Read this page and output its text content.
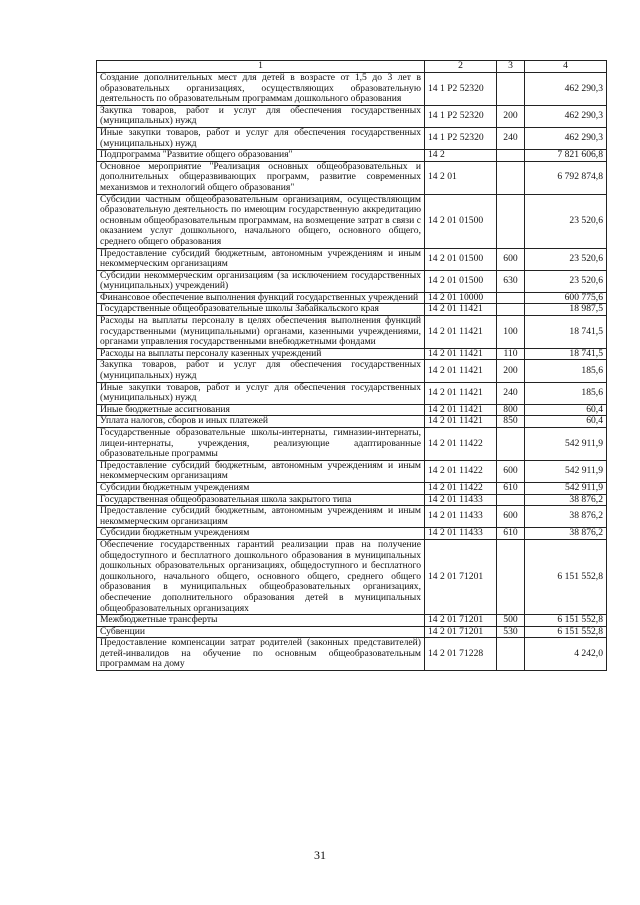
1	2	3	4
Создание дополнительных мест для детей в возрасте от 1,5 до 3 лет в образовательных организациях, осуществляющих образовательную деятельность по образовательным программам дошкольного образования	14 1 P2 52320		462 290,3
Закупка товаров, работ и услуг для обеспечения государственных (муниципальных) нужд	14 1 P2 52320	200	462 290,3
Иные закупки товаров, работ и услуг для обеспечения государственных (муниципальных) нужд	14 1 P2 52320	240	462 290,3
Подпрограмма "Развитие общего образования"	14 2		7 821 606,8
Основное мероприятие "Реализация основных общеобразовательных и дополнительных общеразвивающих программ, развитие современных механизмов и технологий общего образования"	14 2 01		6 792 874,8
Субсидии частным общеобразовательным организациям, осуществляющим образовательную деятельность по имеющим государственную аккредитацию основным общеобразовательным программам, на возмещение затрат в связи с оказанием услуг дошкольного, начального общего, основного общего, среднего общего образования	14 2 01 01500		23 520,6
Предоставление субсидий бюджетным, автономным учреждениям и иным некоммерческим организациям	14 2 01 01500	600	23 520,6
Субсидии некоммерческим организациям (за исключением государственных (муниципальных) учреждений)	14 2 01 01500	630	23 520,6
Финансовое обеспечение выполнения функций государственных учреждений	14 2 01 10000		600 775,6
Государственные общеобразовательные школы Забайкальского края	14 2 01 11421		18 987,5
Расходы на выплаты персоналу в целях обеспечения выполнения функций государственными (муниципальными) органами, казенными учреждениями, органами управления государственными внебюджетными фондами	14 2 01 11421	100	18 741,5
Расходы на выплаты персоналу казенных учреждений	14 2 01 11421	110	18 741,5
Закупка товаров, работ и услуг для обеспечения государственных (муниципальных) нужд	14 2 01 11421	200	185,6
Иные закупки товаров, работ и услуг для обеспечения государственных (муниципальных) нужд	14 2 01 11421	240	185,6
Иные бюджетные ассигнования	14 2 01 11421	800	60,4
Уплата налогов, сборов и иных платежей	14 2 01 11421	850	60,4
Государственные образовательные школы-интернаты, гимназии-интернаты, лицеи-интернаты, учреждения, реализующие адаптированные образовательные программы	14 2 01 11422		542 911,9
Предоставление субсидий бюджетным, автономным учреждениям и иным некоммерческим организациям	14 2 01 11422	600	542 911,9
Субсидии бюджетным учреждениям	14 2 01 11422	610	542 911,9
Государственная общеобразовательная школа закрытого типа	14 2 01 11433		38 876,2
Предоставление субсидий бюджетным, автономным учреждениям и иным некоммерческим организациям	14 2 01 11433	600	38 876,2
Субсидии бюджетным учреждениям	14 2 01 11433	610	38 876,2
Обеспечение государственных гарантий реализации прав на получение общедоступного и бесплатного дошкольного образования в муниципальных дошкольных образовательных организациях, общедоступного и бесплатного дошкольного, начального общего, основного общего, среднего общего образования в муниципальных общеобразовательных организациях, обеспечение дополнительного образования детей в муниципальных общеобразовательных организациях	14 2 01 71201		6 151 552,8
Межбюджетные трансферты	14 2 01 71201	500	6 151 552,8
Субвенции	14 2 01 71201	530	6 151 552,8
Предоставление компенсации затрат родителей (законных представителей) детей-инвалидов на обучение по основным общеобразовательным программам на дому	14 2 01 71228		4 242,0
31
